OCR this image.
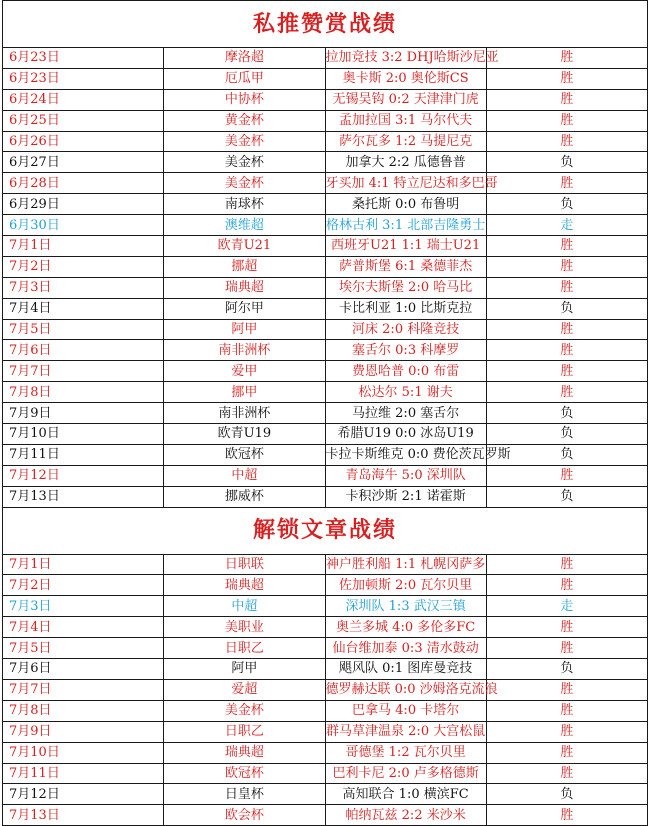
私推赞赏战绩			
6月23日	摩洛超	拉加竞技 3:2 DHJ哈斯沙尼亚	胜
6月23日	厄瓜甲	奥卡斯 2:0 奥伦斯CS	胜
6月24日	中协杯	无锡吴钩 0:2 天津津门虎	胜
6月25日	黄金杯	孟加拉国 3:1 马尔代夫	胜
6月26日	美金杯	萨尔瓦多 1:2 马提尼克	胜
6月27日	美金杯	加拿大 2:2 瓜德鲁普	负
6月28日	美金杯	牙买加 4:1 特立尼达和多巴哥	胜
6月29日	南球杯	桑托斯 0:0 布鲁明	负
6月30日	澳维超	格林古利 3:1 北部吉隆勇士	走
7月1日	欧青U21	西班牙U21 1:1 瑞士U21	胜
7月2日	挪超	萨普斯堡 6:1 桑德菲杰	胜
7月3日	瑞典超	埃尔夫斯堡 2:0 哈马比	胜
7月4日	阿尔甲	卡比利亚 1:0 比斯克拉	负
7月5日	阿甲	河床 2:0 科隆竞技	胜
7月6日	南非洲杯	塞舌尔 0:3 科摩罗	胜
7月7日	爱甲	费恩哈普 0:0 布雷	胜
7月8日	挪甲	松达尔 5:1 谢夫	胜
7月9日	南非洲杯	马拉维 2:0 塞舌尔	负
7月10日	欧青U19	希腊U19 0:0 冰岛U19	负
7月11日	欧冠杯	卡拉卡斯维克 0:0 费伦茨瓦罗斯	负
7月12日	中超	青岛海牛 5:0 深圳队	胜
7月13日	挪威杯	卡积沙斯 2:1 诺霍斯	负
解锁文章战绩			
7月1日	日职联	神户胜利船 1:1 札幌冈萨多	胜
7月2日	瑞典超	佐加顿斯 2:0 瓦尔贝里	胜
7月3日	中超	深圳队 1:3 武汉三镇	走
7月4日	美职业	奥兰多城 4:0 多伦多FC	胜
7月5日	日职乙	仙台维加泰 0:3 清水鼓动	胜
7月6日	阿甲	飓风队 0:1 图库曼竞技	负
7月7日	爱超	德罗赫达联 0:0 沙姆洛克流浪	胜
7月8日	美金杯	巴拿马 4:0 卡塔尔	胜
7月9日	日职乙	群马草津温泉 2:0 大宫松鼠	胜
7月10日	瑞典超	哥德堡 1:2 瓦尔贝里	胜
7月11日	欧冠杯	巴利卡尼 2:0 卢多格德斯	胜
7月12日	日皇杯	高知联合 1:0 横滨FC	负
7月13日	欧会杯	帕纳瓦兹 2:2 米沙米	胜
